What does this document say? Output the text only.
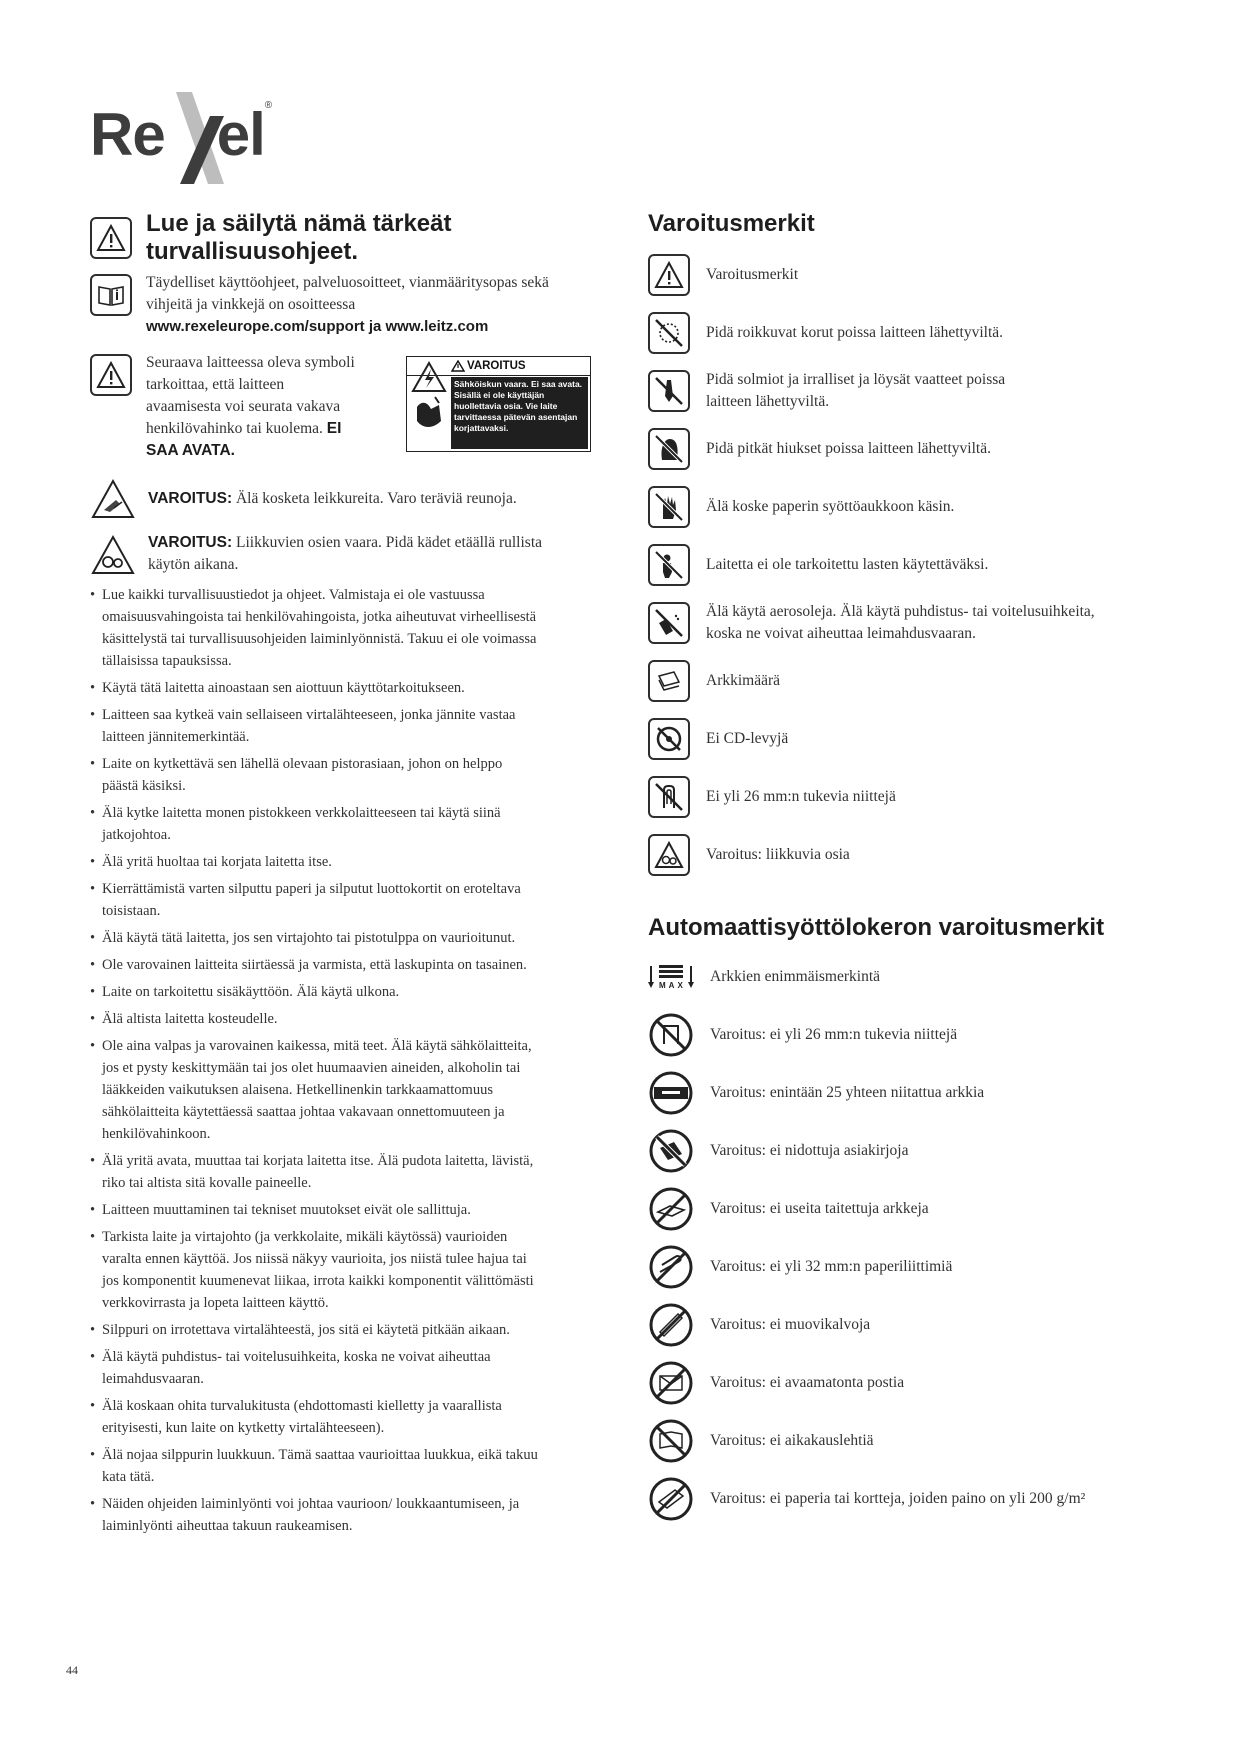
Re el®
Lue ja säilytä nämä tärkeät turvallisuusohjeet.
Täydelliset käyttöohjeet, palveluosoitteet, vianmääritysopas sekä vihjeitä ja vinkkejä on osoitteessa
www.rexeleurope.com/support ja www.leitz.com
Seuraava laitteessa oleva symboli tarkoittaa, että laitteen avaamisesta voi seurata vakava henkilövahinko tai kuolema. EI SAA AVATA.
VAROITUS
Sähköiskun vaara. Ei saa avata. Sisällä ei ole käyttäjän huollettavia osia. Vie laite tarvittaessa pätevän asentajan korjattavaksi.
VAROITUS: Älä kosketa leikkureita. Varo teräviä reunoja.
VAROITUS: Liikkuvien osien vaara. Pidä kädet etäällä rullista käytön aikana.
• Lue kaikki turvallisuustiedot ja ohjeet. Valmistaja ei ole vastuussa omaisuusvahingoista tai henkilövahingoista, jotka aiheutuvat virheellisestä käsittelystä tai turvallisuusohjeiden laiminlyönnistä. Takuu ei ole voimassa tällaisissa tapauksissa.
• Käytä tätä laitetta ainoastaan sen aiottuun käyttötarkoitukseen.
• Laitteen saa kytkeä vain sellaiseen virtalähteeseen, jonka jännite vastaa laitteen jännitemerkintää.
• Laite on kytkettävä sen lähellä olevaan pistorasiaan, johon on helppo päästä käsiksi.
• Älä kytke laitetta monen pistokkeen verkkolaitteeseen tai käytä siinä jatkojohtoa.
• Älä yritä huoltaa tai korjata laitetta itse.
• Kierrättämistä varten silputtu paperi ja silputut luottokortit on eroteltava toisistaan.
• Älä käytä tätä laitetta, jos sen virtajohto tai pistotulppa on vaurioitunut.
• Ole varovainen laitteita siirtäessä ja varmista, että laskupinta on tasainen.
• Laite on tarkoitettu sisäkäyttöön. Älä käytä ulkona.
• Älä altista laitetta kosteudelle.
• Ole aina valpas ja varovainen kaikessa, mitä teet. Älä käytä sähkölaitteita, jos et pysty keskittymään tai jos olet huumaavien aineiden, alkoholin tai lääkkeiden vaikutuksen alaisena. Hetkellinenkin tarkkaamattomuus sähkölaitteita käytettäessä saattaa johtaa vakavaan onnettomuuteen ja henkilövahinkoon.
• Älä yritä avata, muuttaa tai korjata laitetta itse. Älä pudota laitetta, lävistä, riko tai altista sitä kovalle paineelle.
• Laitteen muuttaminen tai tekniset muutokset eivät ole sallittuja.
• Tarkista laite ja virtajohto (ja verkkolaite, mikäli käytössä) vaurioiden varalta ennen käyttöä. Jos niissä näkyy vaurioita, jos niistä tulee hajua tai jos komponentit kuumenevat liikaa, irrota kaikki komponentit välittömästi verkkovirrasta ja lopeta laitteen käyttö.
• Silppuri on irrotettava virtalähteestä, jos sitä ei käytetä pitkään aikaan.
• Älä käytä puhdistus- tai voitelusuihkeita, koska ne voivat aiheuttaa leimahdusvaaran.
• Älä koskaan ohita turvalukitusta (ehdottomasti kielletty ja vaarallista erityisesti, kun laite on kytketty virtalähteeseen).
• Älä nojaa silppurin luukkuun. Tämä saattaa vaurioittaa luukkua, eikä takuu kata tätä.
• Näiden ohjeiden laiminlyönti voi johtaa vaurioon/ loukkaantumiseen, ja laiminlyönti aiheuttaa takuun raukeamisen.
Varoitusmerkit
Varoitusmerkit
Pidä roikkuvat korut poissa laitteen lähettyviltä.
Pidä solmiot ja irralliset ja löysät vaatteet poissa laitteen lähettyviltä.
Pidä pitkät hiukset poissa laitteen lähettyviltä.
Älä koske paperin syöttöaukkoon käsin.
Laitetta ei ole tarkoitettu lasten käytettäväksi.
Älä käytä aerosoleja. Älä käytä puhdistus- tai voitelusuihkeita, koska ne voivat aiheuttaa leimahdusvaaran.
Arkkimäärä
Ei CD-levyjä
Ei yli 26 mm:n tukevia niittejä
Varoitus: liikkuvia osia
Automaattisyöttölokeron varoitusmerkit
MAX
Arkkien enimmäismerkintä
Varoitus: ei yli 26 mm:n tukevia niittejä
Varoitus: enintään 25 yhteen niitattua arkkia
Varoitus: ei nidottuja asiakirjoja
Varoitus: ei useita taitettuja arkkeja
Varoitus: ei yli 32 mm:n paperiliittimiä
Varoitus: ei muovikalvoja
Varoitus: ei avaamatonta postia
Varoitus: ei aikakauslehtiä
Varoitus: ei paperia tai kortteja, joiden paino on yli 200 g/m²
44
